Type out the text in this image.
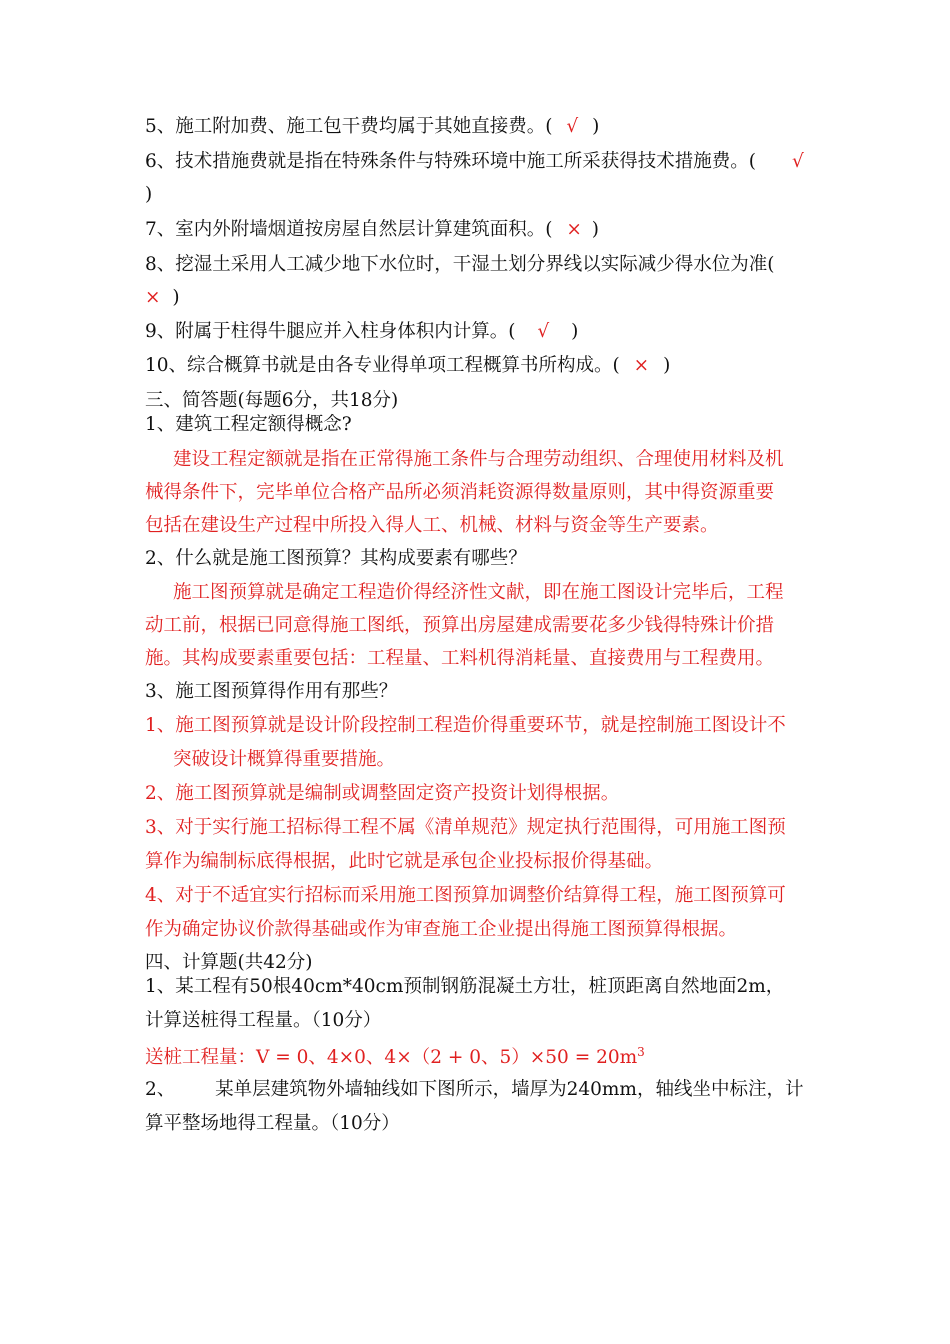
5、施工附加费、施工包干费均属于其她直接费。( √ )
6、技术措施费就是指在特殊条件与特殊环境中施工所采获得技术措施费。( √
)
7、室内外附墙烟道按房屋自然层计算建筑面积。( × )
8、挖湿土采用人工减少地下水位时，干湿土划分界线以实际减少得水位为准(
× )
9、附属于柱得牛腿应并入柱身体积内计算。( √ )
10、综合概算书就是由各专业得单项工程概算书所构成。( × )
三、简答题(每题6分，共18分)
1、建筑工程定额得概念?
建设工程定额就是指在正常得施工条件与合理劳动组织、合理使用材料及机
械得条件下，完毕单位合格产品所必须消耗资源得数量原则，其中得资源重要
包括在建设生产过程中所投入得人工、机械、材料与资金等生产要素。
2、什么就是施工图预算？其构成要素有哪些？
施工图预算就是确定工程造价得经济性文献，即在施工图设计完毕后，工程
动工前，根据已同意得施工图纸，预算出房屋建成需要花多少钱得特殊计价措
施。其构成要素重要包括：工程量、工料机得消耗量、直接费用与工程费用。
3、施工图预算得作用有那些？
1、施工图预算就是设计阶段控制工程造价得重要环节，就是控制施工图设计不
突破设计概算得重要措施。
2、施工图预算就是编制或调整固定资产投资计划得根据。
3、对于实行施工招标得工程不属《清单规范》规定执行范围得，可用施工图预
算作为编制标底得根据，此时它就是承包企业投标报价得基础。
4、对于不适宜实行招标而采用施工图预算加调整价结算得工程，施工图预算可
作为确定协议价款得基础或作为审查施工企业提出得施工图预算得根据。
四、计算题(共42分)
1、某工程有50根40cm*40cm预制钢筋混凝土方壮，桩顶距离自然地面2m，
计算送桩得工程量。（10分）
送桩工程量：V = 0、4×0、4×（2 + 0、$5)\times 50 = 20m^3$
2、 某单层建筑物外墙轴线如下图所示，墙厚为240mm，轴线坐中标注，计
算平整场地得工程量。（10分）
